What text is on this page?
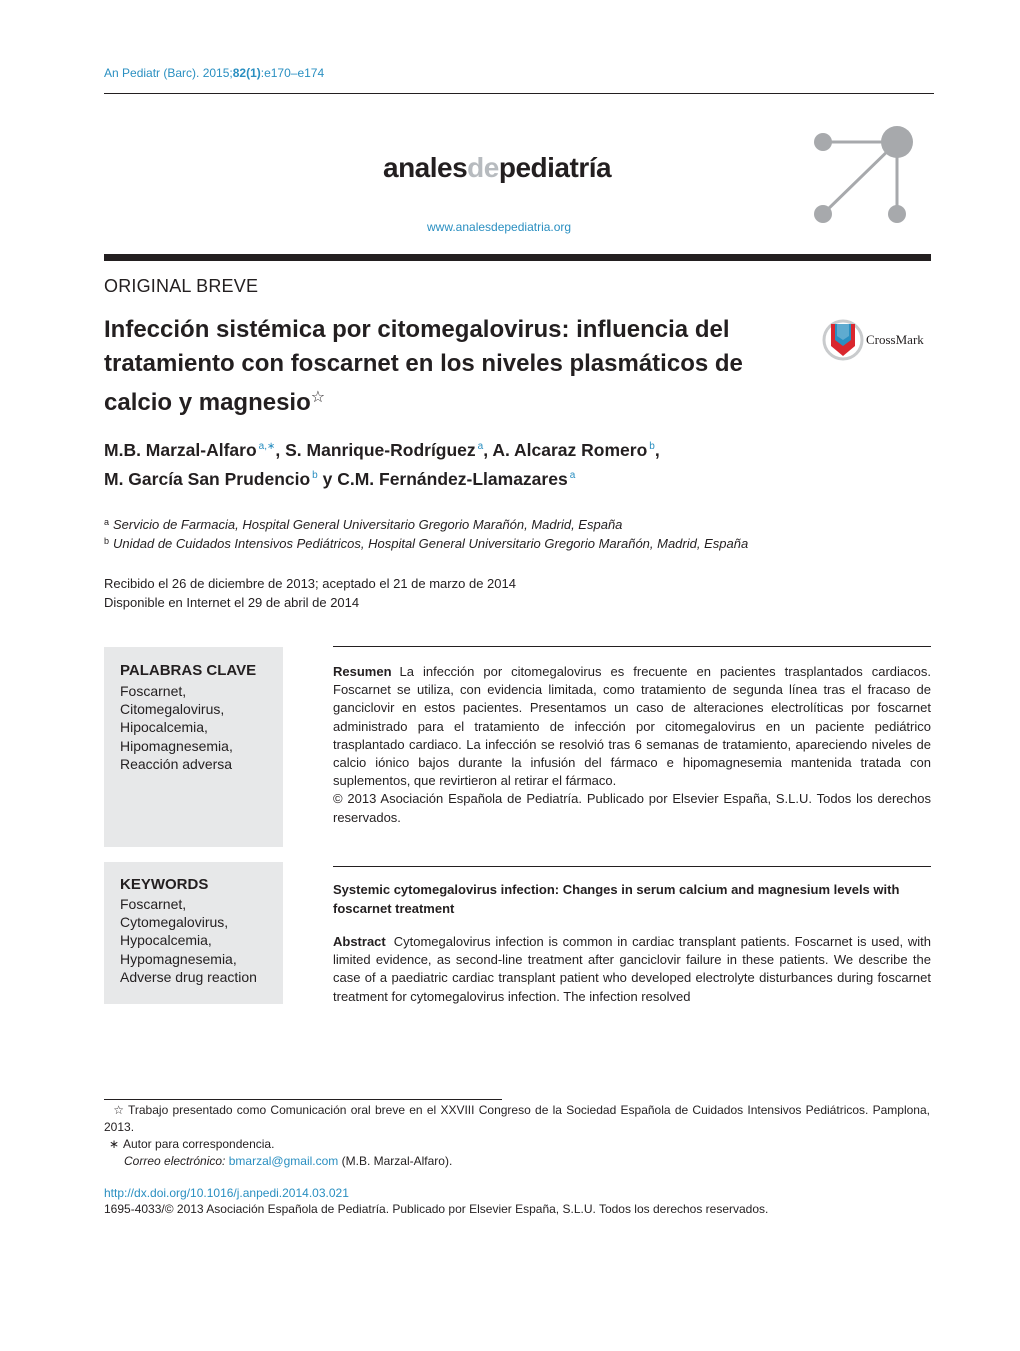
An Pediatr (Barc). 2015;82(1):e170–e174
analesdepediatría
www.analesdepediatria.org
ORIGINAL BREVE
Infección sistémica por citomegalovirus: influencia del tratamiento con foscarnet en los niveles plasmáticos de calcio y magnesio☆
CrossMark
M.B. Marzal-Alfaro $^{a,∗}$, S. Manrique-Rodríguez $^a$, A. Alcaraz Romero $^b$,
M. García San Prudencio $^b$ y C.M. Fernández-Llamazares $^a$
$^a$ Servicio de Farmacia, Hospital General Universitario Gregorio Marañón, Madrid, España
$^b$ Unidad de Cuidados Intensivos Pediátricos, Hospital General Universitario Gregorio Marañón, Madrid, España
Recibido el 26 de diciembre de 2013; aceptado el 21 de marzo de 2014
Disponible en Internet el 29 de abril de 2014
PALABRAS CLAVE
Foscarnet,
Citomegalovirus,
Hipocalcemia,
Hipomagnesemia,
Reacción adversa
KEYWORDS
Foscarnet,
Cytomegalovirus,
Hypocalcemia,
Hypomagnesemia,
Adverse drug reaction
Resumen La infección por citomegalovirus es frecuente en pacientes trasplantados cardiacos. Foscarnet se utiliza, con evidencia limitada, como tratamiento de segunda línea tras el fracaso de ganciclovir en estos pacientes. Presentamos un caso de alteraciones electrolíticas por foscarnet administrado para el tratamiento de infección por citomegalovirus en un paciente pediátrico trasplantado cardiaco. La infección se resolvió tras 6 semanas de tratamiento, apareciendo niveles de calcio iónico bajos durante la infusión del fármaco e hipomagnesemia mantenida tratada con suplementos, que revirtieron al retirar el fármaco.
© 2013 Asociación Española de Pediatría. Publicado por Elsevier España, S.L.U. Todos los derechos reservados.
Systemic cytomegalovirus infection: Changes in serum calcium and magnesium levels with foscarnet treatment
Abstract Cytomegalovirus infection is common in cardiac transplant patients. Foscarnet is used, with limited evidence, as second-line treatment after ganciclovir failure in these patients. We describe the case of a paediatric cardiac transplant patient who developed electrolyte disturbances during foscarnet treatment for cytomegalovirus infection. The infection resolved
☆ Trabajo presentado como Comunicación oral breve en el XXVIII Congreso de la Sociedad Española de Cuidados Intensivos Pediátricos. Pamplona, 2013.
∗ Autor para correspondencia.
Correo electrónico: bmarzal@gmail.com (M.B. Marzal-Alfaro).
http://dx.doi.org/10.1016/j.anpedi.2014.03.021
1695-4033/© 2013 Asociación Española de Pediatría. Publicado por Elsevier España, S.L.U. Todos los derechos reservados.
